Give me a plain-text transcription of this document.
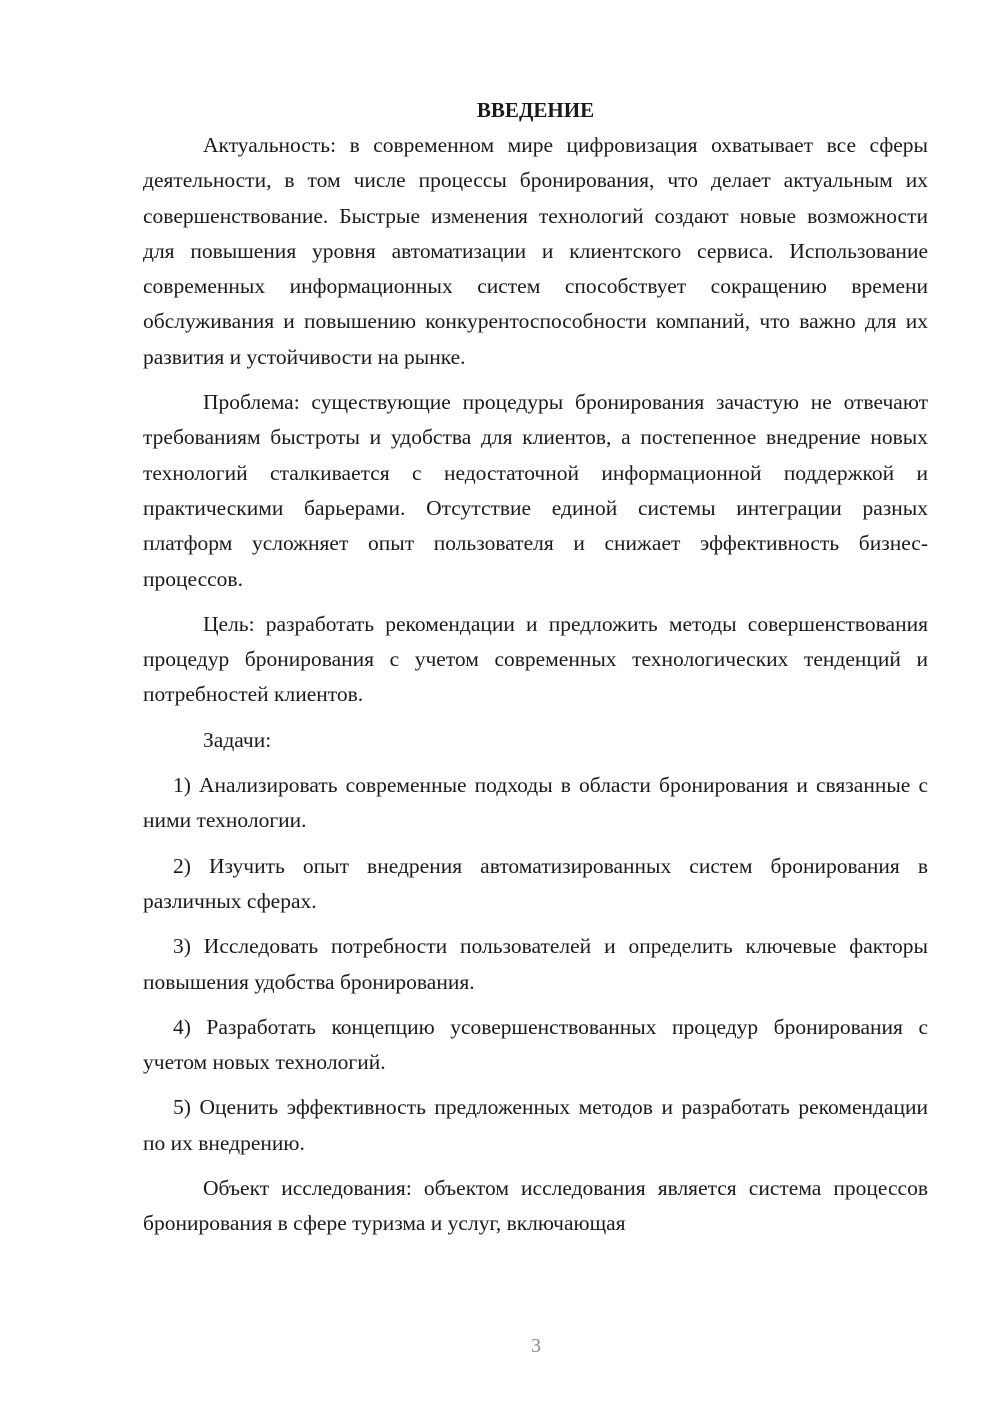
ВВЕДЕНИЕ

Актуальность: в современном мире цифровизация охватывает все сферы деятельности, в том числе процессы бронирования, что делает актуальным их совершенствование. Быстрые изменения технологий создают новые возможности для повышения уровня автоматизации и клиентского сервиса. Использование современных информационных систем способствует сокращению времени обслуживания и повышению конкурентоспособности компаний, что важно для их развития и устойчивости на рынке.

Проблема: существующие процедуры бронирования зачастую не отвечают требованиям быстроты и удобства для клиентов, а постепенное внедрение новых технологий сталкивается с недостаточной информационной поддержкой и практическими барьерами. Отсутствие единой системы интеграции разных платформ усложняет опыт пользователя и снижает эффективность бизнес-процессов.

Цель: разработать рекомендации и предложить методы совершенствования процедур бронирования с учетом современных технологических тенденций и потребностей клиентов.

Задачи:

1) Анализировать современные подходы в области бронирования и связанные с ними технологии.

2) Изучить опыт внедрения автоматизированных систем бронирования в различных сферах.

3) Исследовать потребности пользователей и определить ключевые факторы повышения удобства бронирования.

4) Разработать концепцию усовершенствованных процедур бронирования с учетом новых технологий.

5) Оценить эффективность предложенных методов и разработать рекомендации по их внедрению.

Объект исследования: объектом исследования является система процессов бронирования в сфере туризма и услуг, включающая

3
